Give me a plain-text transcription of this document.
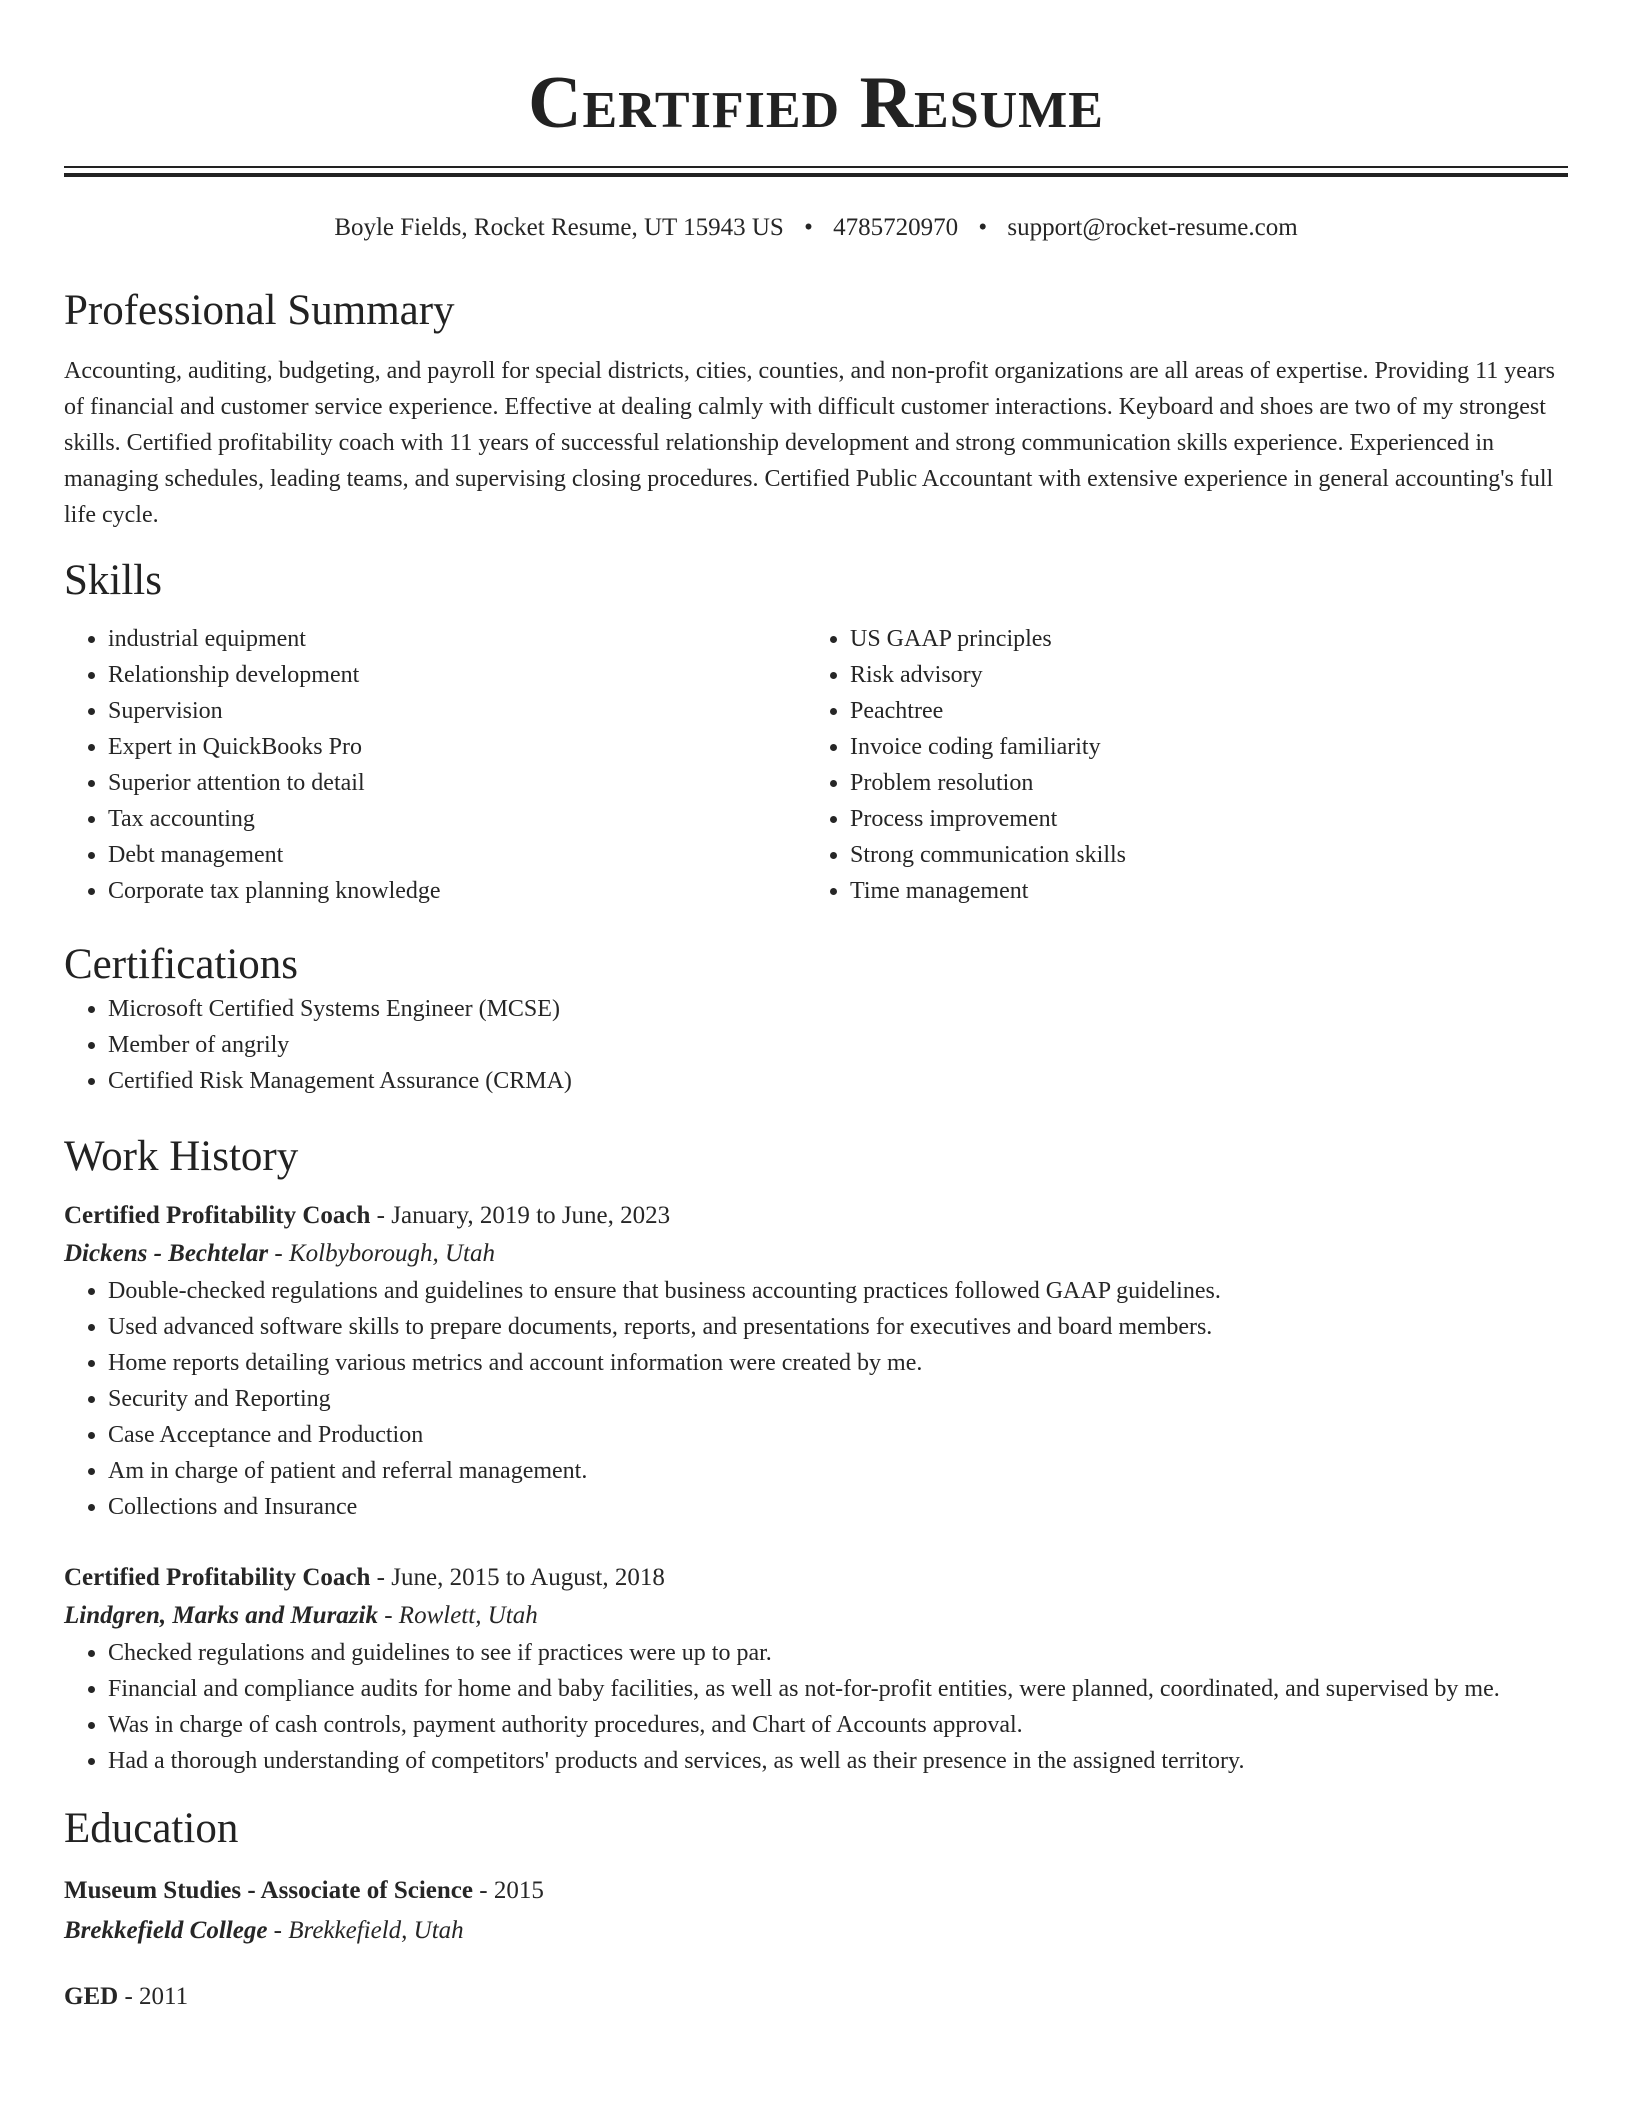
Certified Resume
Boyle Fields, Rocket Resume, UT 15943 US • 4785720970 • support@rocket-resume.com
Professional Summary
Accounting, auditing, budgeting, and payroll for special districts, cities, counties, and non-profit organizations are all areas of expertise. Providing 11 years of financial and customer service experience. Effective at dealing calmly with difficult customer interactions. Keyboard and shoes are two of my strongest skills. Certified profitability coach with 11 years of successful relationship development and strong communication skills experience. Experienced in managing schedules, leading teams, and supervising closing procedures. Certified Public Accountant with extensive experience in general accounting's full life cycle.
Skills
• industrial equipment
• Relationship development
• Supervision
• Expert in QuickBooks Pro
• Superior attention to detail
• Tax accounting
• Debt management
• Corporate tax planning knowledge
• US GAAP principles
• Risk advisory
• Peachtree
• Invoice coding familiarity
• Problem resolution
• Process improvement
• Strong communication skills
• Time management
Certifications
• Microsoft Certified Systems Engineer (MCSE)
• Member of angrily
• Certified Risk Management Assurance (CRMA)
Work History
Certified Profitability Coach - January, 2019 to June, 2023
Dickens - Bechtelar - Kolbyborough, Utah
• Double-checked regulations and guidelines to ensure that business accounting practices followed GAAP guidelines.
• Used advanced software skills to prepare documents, reports, and presentations for executives and board members.
• Home reports detailing various metrics and account information were created by me.
• Security and Reporting
• Case Acceptance and Production
• Am in charge of patient and referral management.
• Collections and Insurance
Certified Profitability Coach - June, 2015 to August, 2018
Lindgren, Marks and Murazik - Rowlett, Utah
• Checked regulations and guidelines to see if practices were up to par.
• Financial and compliance audits for home and baby facilities, as well as not-for-profit entities, were planned, coordinated, and supervised by me.
• Was in charge of cash controls, payment authority procedures, and Chart of Accounts approval.
• Had a thorough understanding of competitors' products and services, as well as their presence in the assigned territory.
Education
Museum Studies - Associate of Science - 2015
Brekkefield College - Brekkefield, Utah
GED - 2011
